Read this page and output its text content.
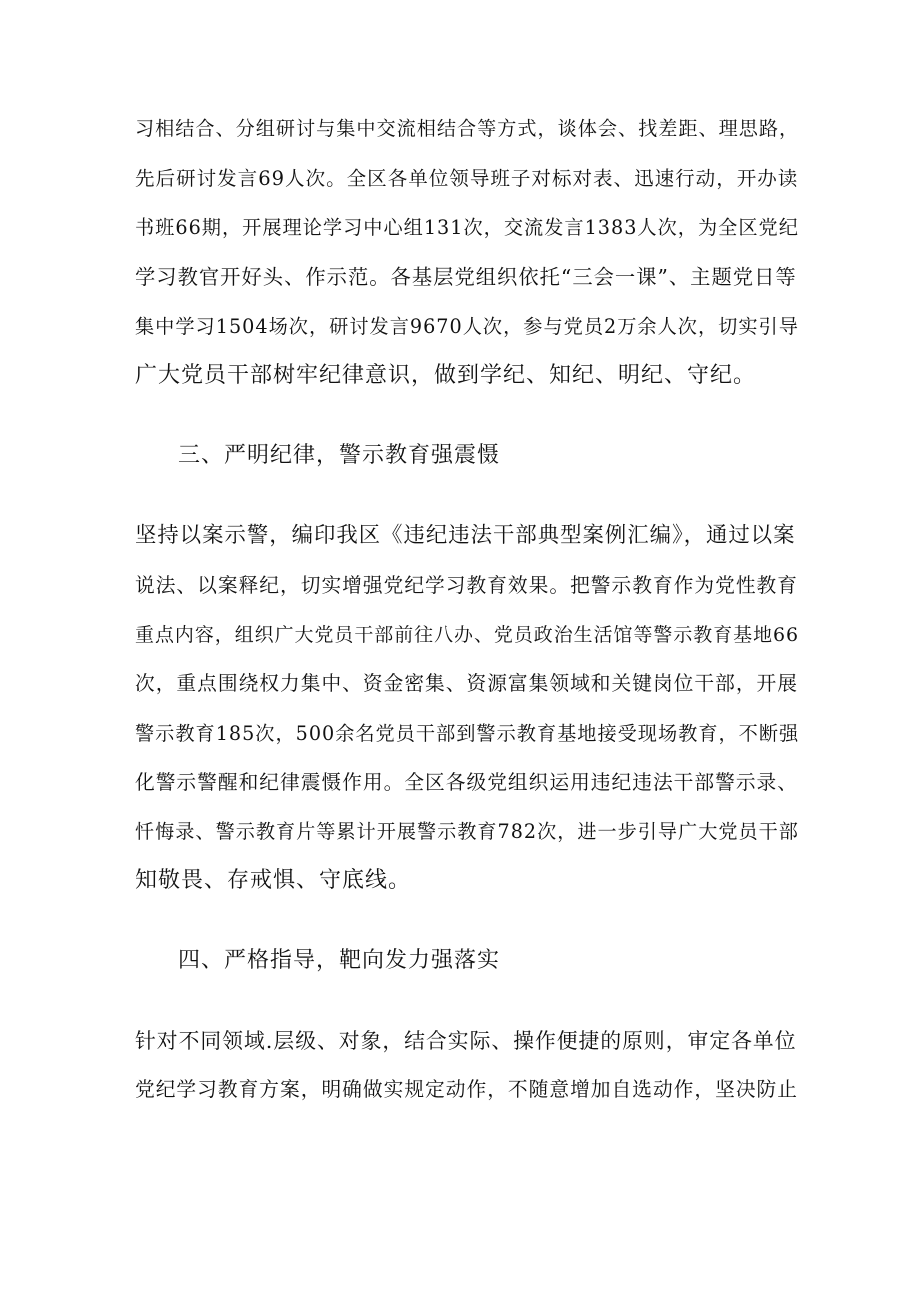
习相结合、分组研讨与集中交流相结合等方式，谈体会、找差距、理思路，
先后研讨发言69人次。全区各单位领导班子对标对表、迅速行动，开办读
书班66期，开展理论学习中心组131次，交流发言1383人次，为全区党纪
学习教官开好头、作示范。各基层党组织依托“三会一课”、主题党日等
集中学习1504场次，研讨发言9670人次，参与党员2万余人次，切实引导
广大党员干部树牢纪律意识，做到学纪、知纪、明纪、守纪。
三、严明纪律，警示教育强震慑
坚持以案示警，编印我区《违纪违法干部典型案例汇编》，通过以案
说法、以案释纪，切实增强党纪学习教育效果。把警示教育作为党性教育
重点内容，组织广大党员干部前往八办、党员政治生活馆等警示教育基地66
次，重点围绕权力集中、资金密集、资源富集领域和关键岗位干部，开展
警示教育185次，500余名党员干部到警示教育基地接受现场教育，不断强
化警示警醒和纪律震慑作用。全区各级党组织运用违纪违法干部警示录、
忏悔录、警示教育片等累计开展警示教育782次，进一步引导广大党员干部
知敬畏、存戒惧、守底线。
四、严格指导，靶向发力强落实
针对不同领域.层级、对象，结合实际、操作便捷的原则，审定各单位
党纪学习教育方案，明确做实规定动作，不随意增加自选动作，坚决防止
